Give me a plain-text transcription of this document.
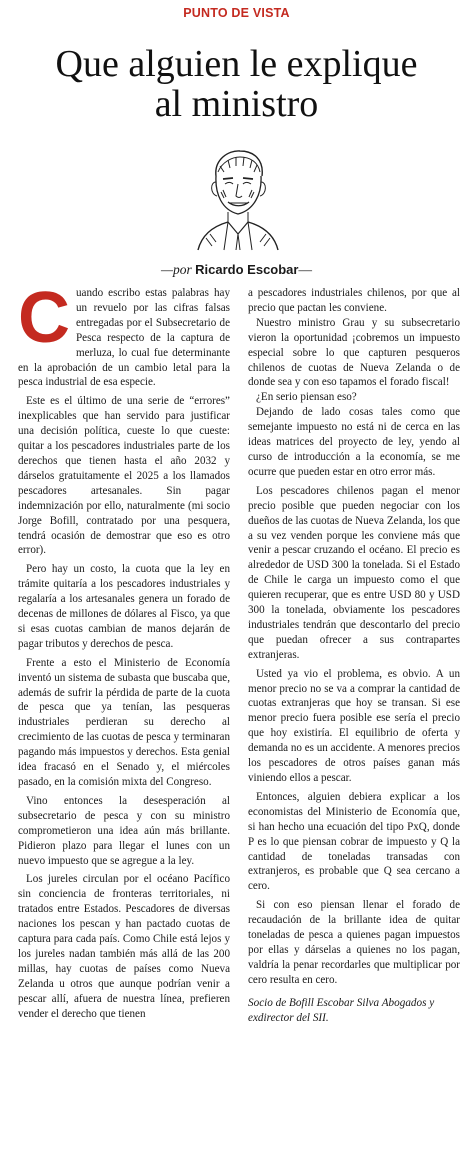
PUNTO DE VISTA
Que alguien le explique
al ministro
—por Ricardo Escobar—

Cuando escribo estas palabras hay un revuelo por las cifras falsas entregadas por el Subsecretario de Pesca respecto de la captura de merluza, lo cual fue determinante en la aprobación de un cambio letal para la pesca industrial de esa especie.

Este es el último de una serie de “errores” inexplicables que han servido para justificar una decisión política, cueste lo que cueste: quitar a los pescadores industriales parte de los derechos que tienen hasta el año 2032 y dárselos gratuitamente el 2025 a los llamados pescadores artesanales. Sin pagar indemnización por ello, naturalmente (mi socio Jorge Bofill, contratado por una pesquera, tendrá ocasión de demostrar que eso es otro error).

Pero hay un costo, la cuota que la ley en trámite quitaría a los pescadores industriales y regalaría a los artesanales genera un forado de decenas de millones de dólares al Fisco, ya que si esas cuotas cambian de manos dejarán de pagar tributos y derechos de pesca.

Frente a esto el Ministerio de Economía inventó un sistema de subasta que buscaba que, además de sufrir la pérdida de parte de la cuota de pesca que ya tenían, las pesqueras industriales perdieran su derecho al crecimiento de las cuotas de pesca y terminaran pagando más impuestos y derechos. Esta genial idea fracasó en el Senado y, el miércoles pasado, en la comisión mixta del Congreso.

Vino entonces la desesperación al subsecretario de pesca y con su ministro comprometieron una idea aún más brillante. Pidieron plazo para llegar el lunes con un nuevo impuesto que se agregue a la ley.

Los jureles circulan por el océano Pacífico sin conciencia de fronteras territoriales, ni tratados entre Estados. Pescadores de diversas naciones los pescan y han pactado cuotas de captura para cada país. Como Chile está lejos y los jureles nadan también más allá de las 200 millas, hay cuotas de países como Nueva Zelanda u otros que aunque podrían venir a pescar allí, afuera de nuestra línea, prefieren vender el derecho que tienen

a pescadores industriales chilenos, por que al precio que pactan les conviene.

Nuestro ministro Grau y su subsecretario vieron la oportunidad ¡cobremos un impuesto especial sobre lo que capturen pesqueros chilenos de cuotas de Nueva Zelanda o de donde sea y con eso tapamos el forado fiscal!

¿En serio piensan eso?

Dejando de lado cosas tales como que semejante impuesto no está ni de cerca en las ideas matrices del proyecto de ley, yendo al curso de introducción a la economía, se me ocurre que pueden estar en otro error más.

Los pescadores chilenos pagan el menor precio posible que pueden negociar con los dueños de las cuotas de Nueva Zelanda, los que a su vez venden porque les conviene más que venir a pescar cruzando el océano. El precio es alrededor de USD 300 la tonelada. Si el Estado de Chile le carga un impuesto como el que quieren recuperar, que es entre USD 80 y USD 300 la tonelada, obviamente los pescadores industriales tendrán que descontarlo del precio que puedan ofrecer a sus contrapartes extranjeras.

Usted ya vio el problema, es obvio. A un menor precio no se va a comprar la cantidad de cuotas extranjeras que hoy se transan. Si ese menor precio fuera posible ese sería el precio que hoy existiría. El equilibrio de oferta y demanda no es un accidente. A menores precios los pescadores de otros países ganan más viniendo ellos a pescar.

Entonces, alguien debiera explicar a los economistas del Ministerio de Economía que, si han hecho una ecuación del tipo PxQ, donde P es lo que piensan cobrar de impuesto y Q la cantidad de toneladas transadas con extranjeros, es probable que Q sea cercano a cero.

Si con eso piensan llenar el forado de recaudación de la brillante idea de quitar toneladas de pesca a quienes pagan impuestos por ellas y dárselas a quienes no los pagan, valdría la penar recordarles que multiplicar por cero resulta en cero.

Socio de Bofill Escobar Silva Abogados y exdirector del SII.
